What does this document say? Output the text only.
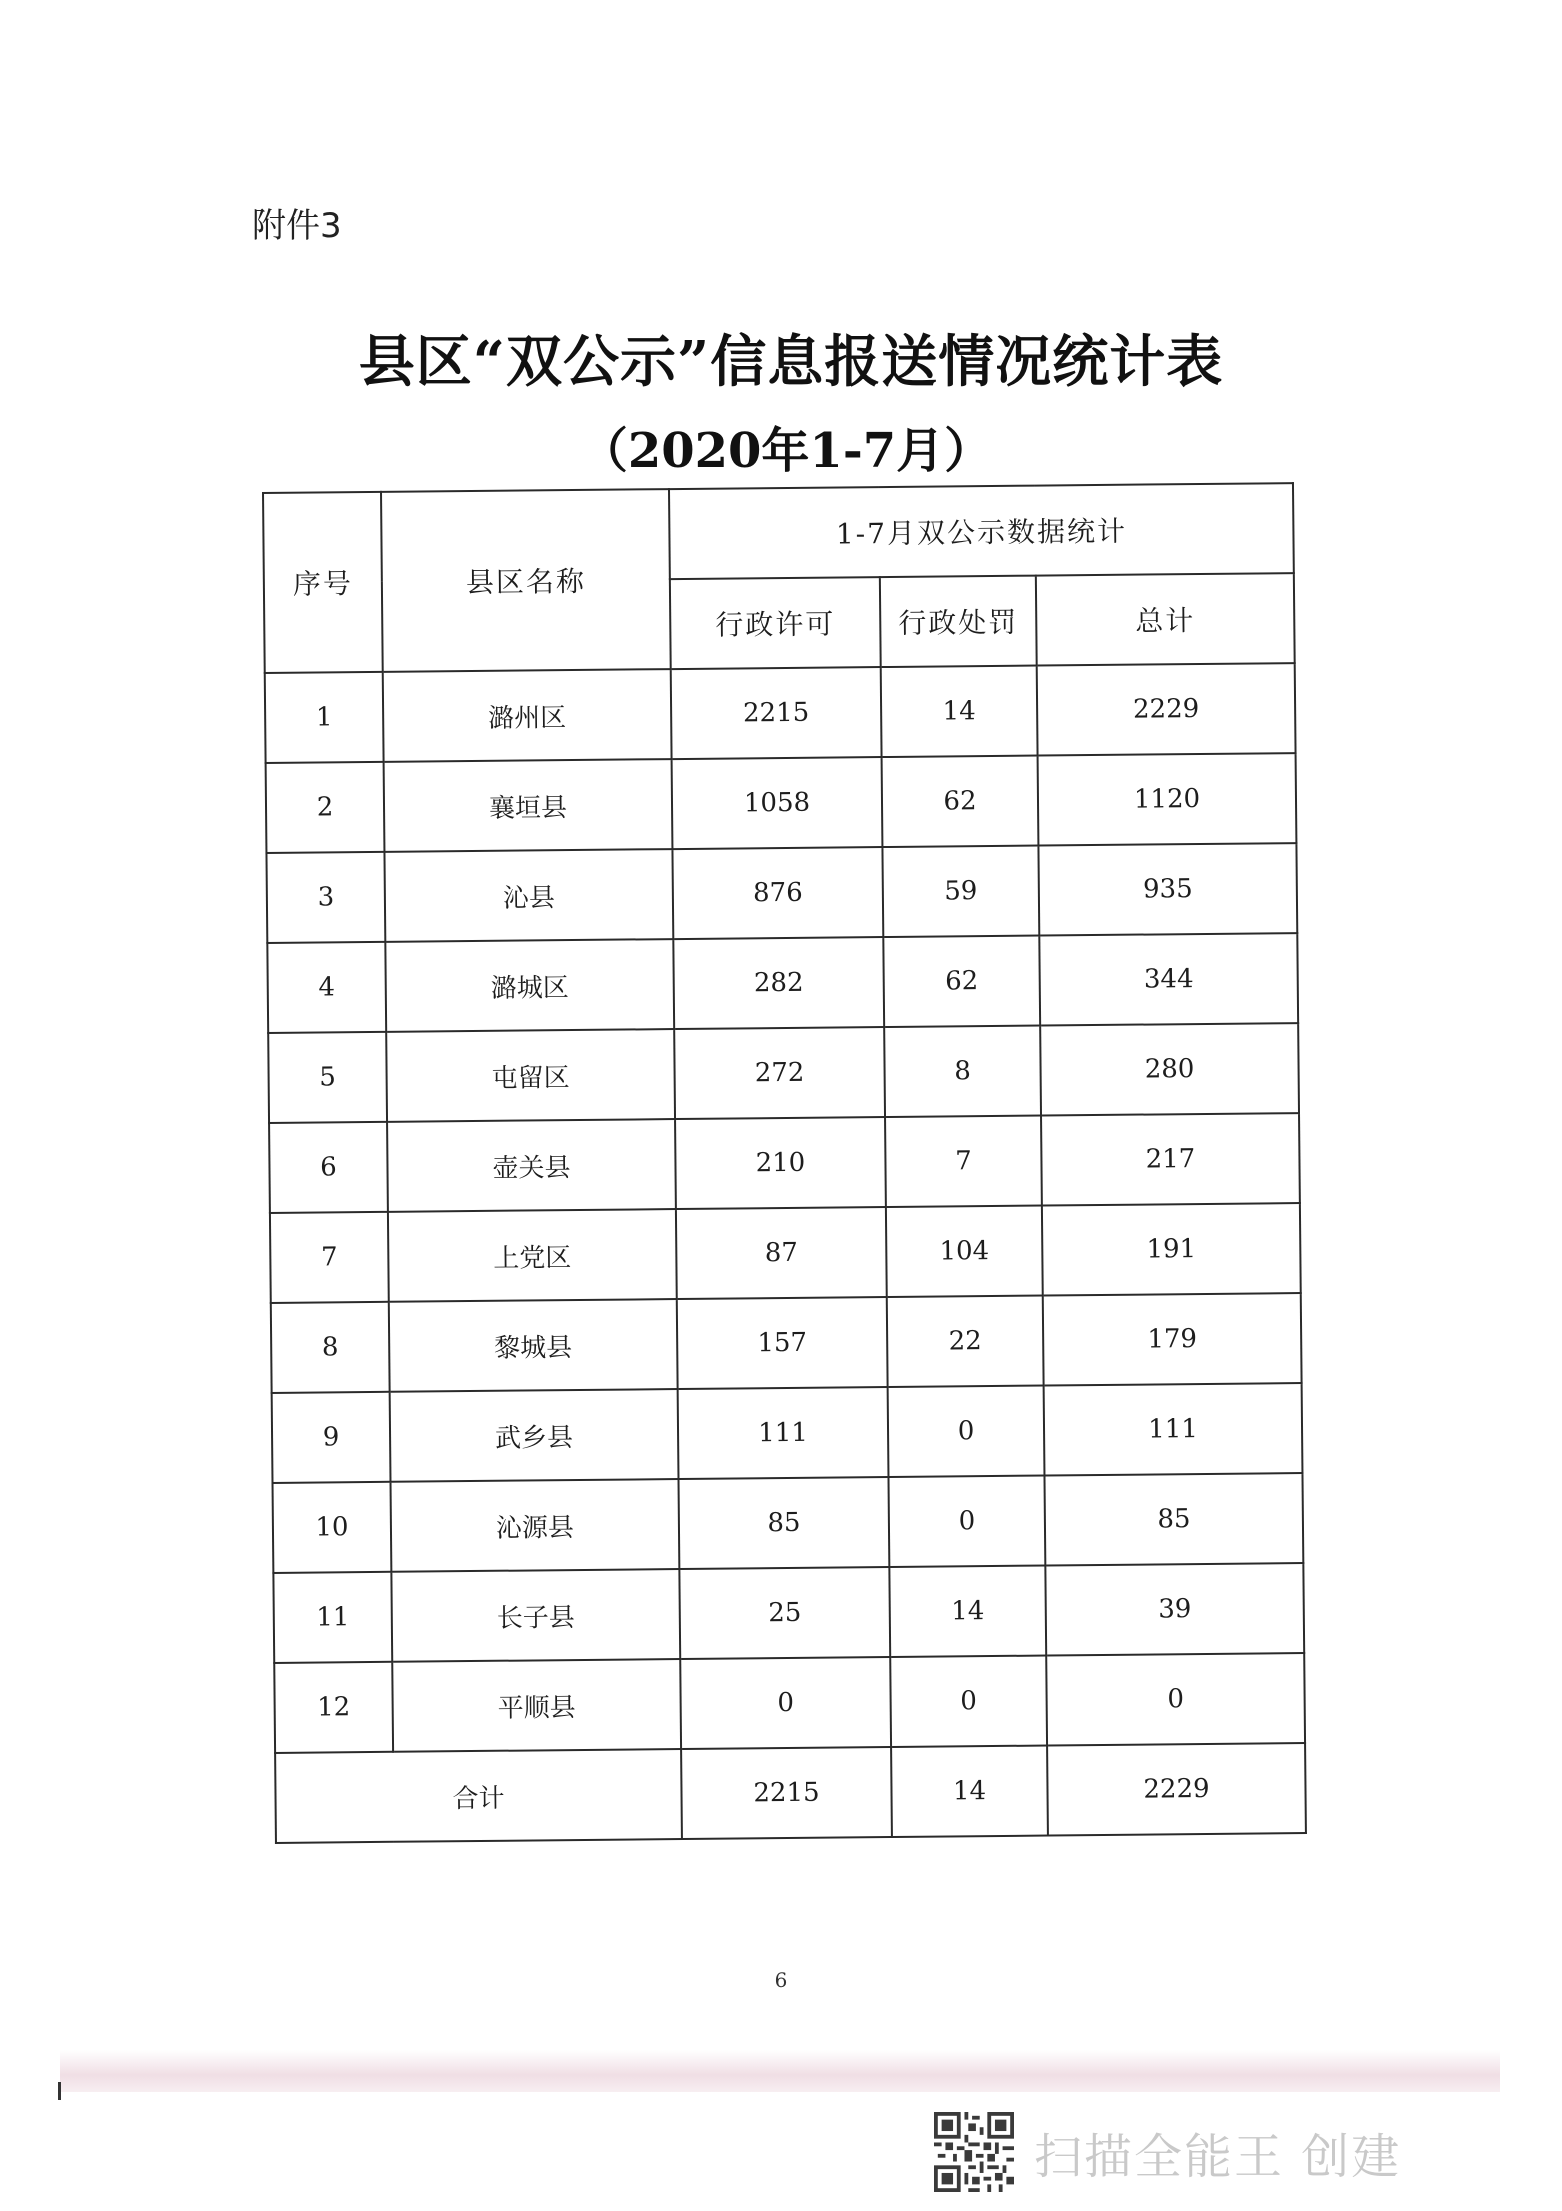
附件3
县区“双公示”信息报送情况统计表
（2020年1-7月）
序号	县区名称	1-7月双公示数据统计		
		行政许可	行政处罚	总计
1	潞州区	2215	14	2229
2	襄垣县	1058	62	1120
3	沁县	876	59	935
4	潞城区	282	62	344
5	屯留区	272	8	280
6	壶关县	210	7	217
7	上党区	87	104	191
8	黎城县	157	22	179
9	武乡县	111	0	111
10	沁源县	85	0	85
11	长子县	25	14	39
12	平顺县	0	0	0
合计		2215	14	2229
6
扫描全能王 创建
